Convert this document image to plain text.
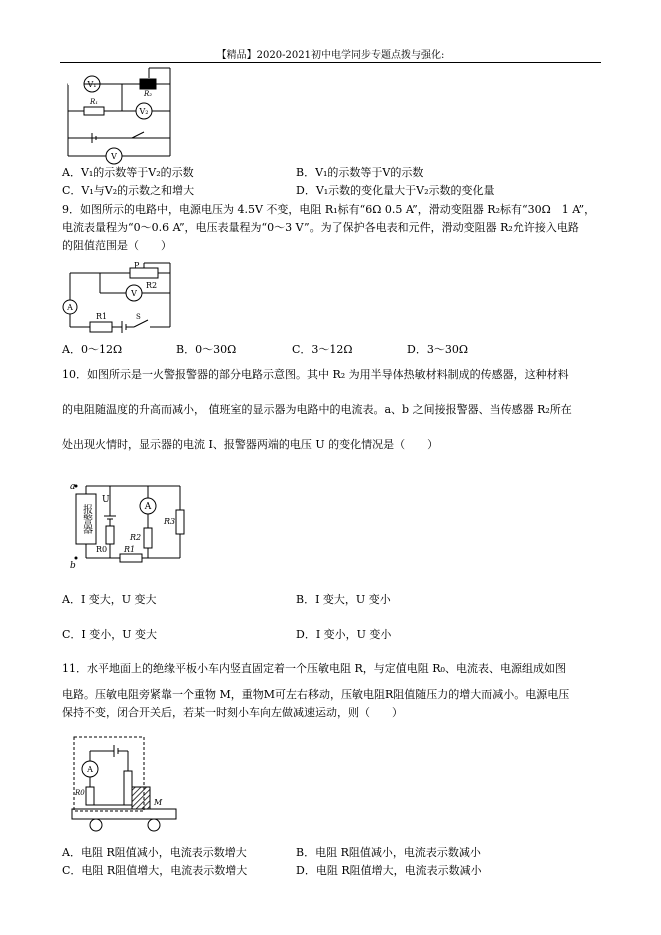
【精品】2020-2021初中电学同步专题点拨与强化:
V₁
V₂
V
R₁
R₂
A．V₁的示数等于V₂的示数	B．V₁的示数等于V的示数
C．V₁与V₂的示数之和增大	D．V₁示数的变化量大于V₂示数的变化量
9．如图所示的电路中，电源电压为 4.5V 不变，电阻 R₁标有“6Ω 0.5 A”，滑动变阻器 R₂标有“30Ω　1 A”，
电流表量程为“0～0.6 A”，电压表量程为“0～3 V”。为了保护各电表和元件，滑动变阻器 R₂允许接入电路
的阻值范围是（　　）
P
R2
V
A
R1	S
A．0～12Ω	B．0～30Ω	C．3～12Ω	D．3～30Ω
10．如图所示是一火警报警器的部分电路示意图。其中 R₂ 为用半导体热敏材料制成的传感器，这种材料
的电阻随温度的升高而减小， 值班室的显示器为电路中的电流表。a、b 之间接报警器、当传感器 R₂所在
处出现火情时，显示器的电流 I、报警器两端的电压 U 的变化情况是（　　）
a
b
U
报警器	A
R0 R1
R2
R3
A．I 变大，U 变大	B．I 变大，U 变小
C．I 变小，U 变大	D．I 变小，U 变小
11．水平地面上的绝缘平板小车内竖直固定着一个压敏电阻 R，与定值电阻 R₀、电流表、电源组成如图
电路。压敏电阻旁紧靠一个重物 M，重物M可左右移动，压敏电阻R阻值随压力的增大而减小。电源电压
保持不变，闭合开关后，若某一时刻小车向左做减速运动，则（　　）
A
R0
M
A．电阻 R阻值减小，电流表示数增大	B．电阻 R阻值减小，电流表示数减小
C．电阻 R阻值增大，电流表示数增大	D．电阻 R阻值增大，电流表示数减小
